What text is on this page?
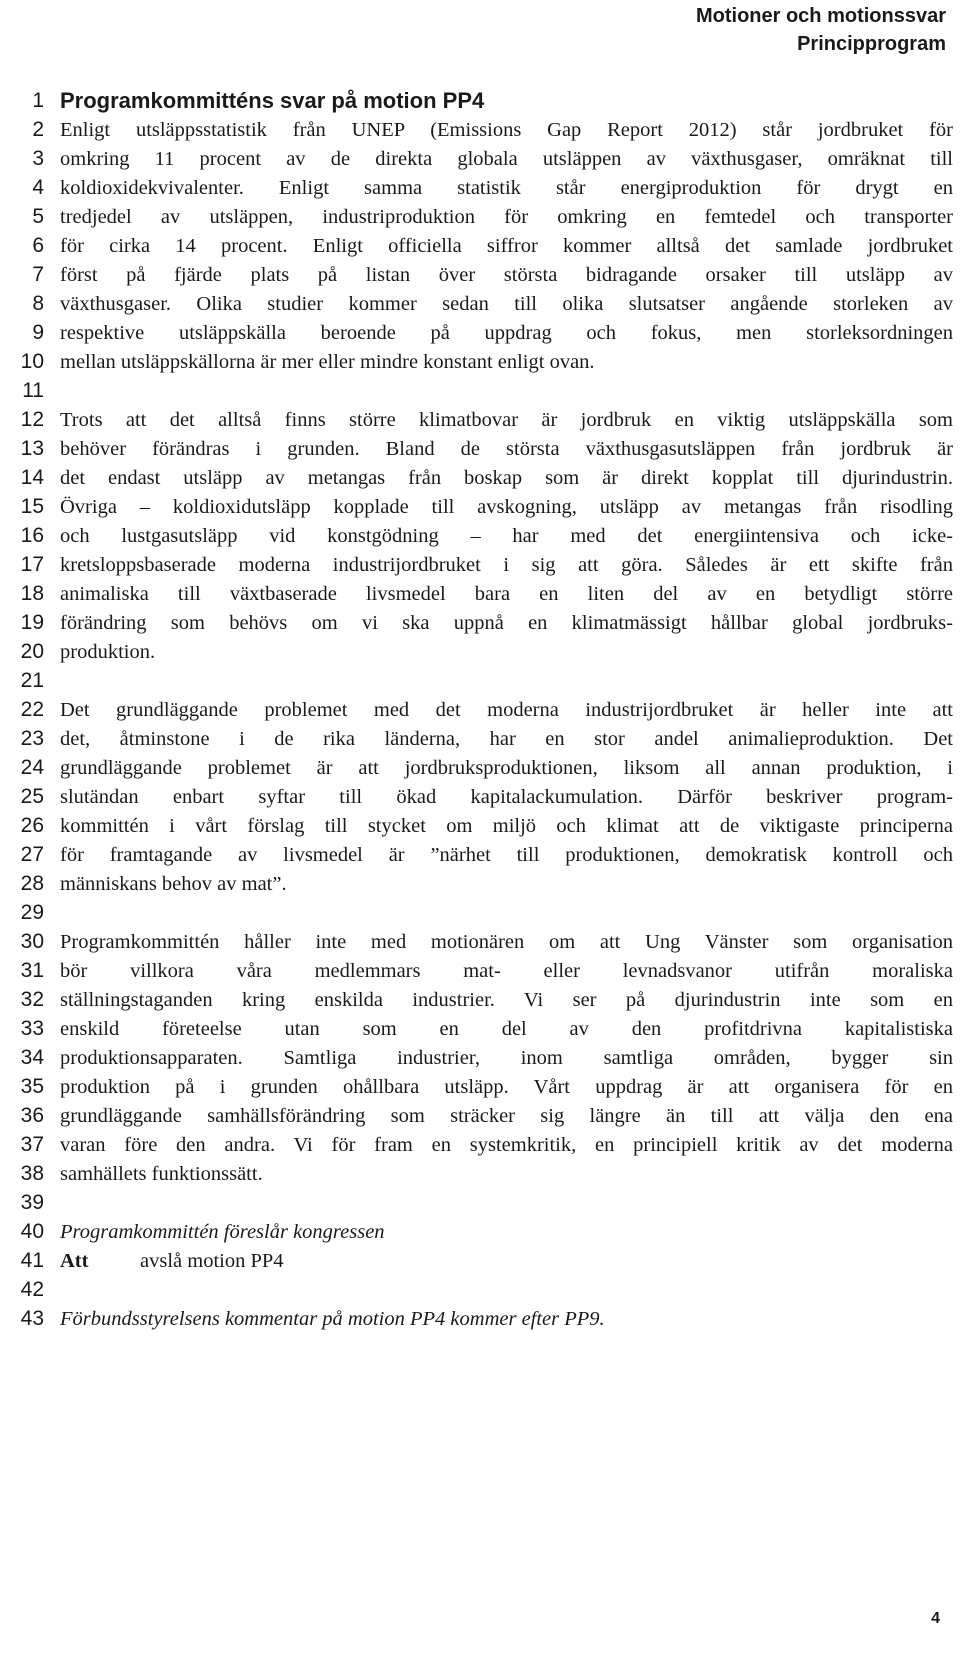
Motioner och motionssvar
Principprogram
1 Programkommitténs svar på motion PP4
2 Enligt utsläppsstatistik från UNEP (Emissions Gap Report 2012) står jordbruket för
3 omkring 11 procent av de direkta globala utsläppen av växthusgaser, omräknat till
4 koldioxidekvivalenter. Enligt samma statistik står energiproduktion för drygt en
5 tredjedel av utsläppen, industriproduktion för omkring en femtedel och transporter
6 för cirka 14 procent. Enligt officiella siffror kommer alltså det samlade jordbruket
7 först på fjärde plats på listan över största bidragande orsaker till utsläpp av
8 växthusgaser. Olika studier kommer sedan till olika slutsatser angående storleken av
9 respektive utsläppskälla beroende på uppdrag och fokus, men storleksordningen
10 mellan utsläppskällorna är mer eller mindre konstant enligt ovan.
11
12 Trots att det alltså finns större klimatbovar är jordbruk en viktig utsläppskälla som
13 behöver förändras i grunden. Bland de största växthusgasutsläppen från jordbruk är
14 det endast utsläpp av metangas från boskap som är direkt kopplat till djurindustrin.
15 Övriga – koldioxidutsläpp kopplade till avskogning, utsläpp av metangas från risodling
16 och lustgasutsläpp vid konstgödning – har med det energiintensiva och icke-
17 kretsloppsbaserade moderna industrijordbruket i sig att göra. Således är ett skifte från
18 animaliska till växtbaserade livsmedel bara en liten del av en betydligt större
19 förändring som behövs om vi ska uppnå en klimatmässigt hållbar global jordbruks-
20 produktion.
21
22 Det grundläggande problemet med det moderna industrijordbruket är heller inte att
23 det, åtminstone i de rika länderna, har en stor andel animalieproduktion. Det
24 grundläggande problemet är att jordbruksproduktionen, liksom all annan produktion, i
25 slutändan enbart syftar till ökad kapitalackumulation. Därför beskriver program-
26 kommittén i vårt förslag till stycket om miljö och klimat att de viktigaste principerna
27 för framtagande av livsmedel är ”närhet till produktionen, demokratisk kontroll och
28 människans behov av mat”.
29
30 Programkommittén håller inte med motionären om att Ung Vänster som organisation
31 bör villkora våra medlemmars mat- eller levnadsvanor utifrån moraliska
32 ställningstaganden kring enskilda industrier. Vi ser på djurindustrin inte som en
33 enskild företeelse utan som en del av den profitdrivna kapitalistiska
34 produktionsapparaten. Samtliga industrier, inom samtliga områden, bygger sin
35 produktion på i grunden ohållbara utsläpp. Vårt uppdrag är att organisera för en
36 grundläggande samhällsförändring som sträcker sig längre än till att välja den ena
37 varan före den andra. Vi för fram en systemkritik, en principiell kritik av det moderna
38 samhällets funktionssätt.
39
40 Programkommittén föreslår kongressen
41 Att	avslå motion PP4
42
43 Förbundsstyrelsens kommentar på motion PP4 kommer efter PP9.
4
